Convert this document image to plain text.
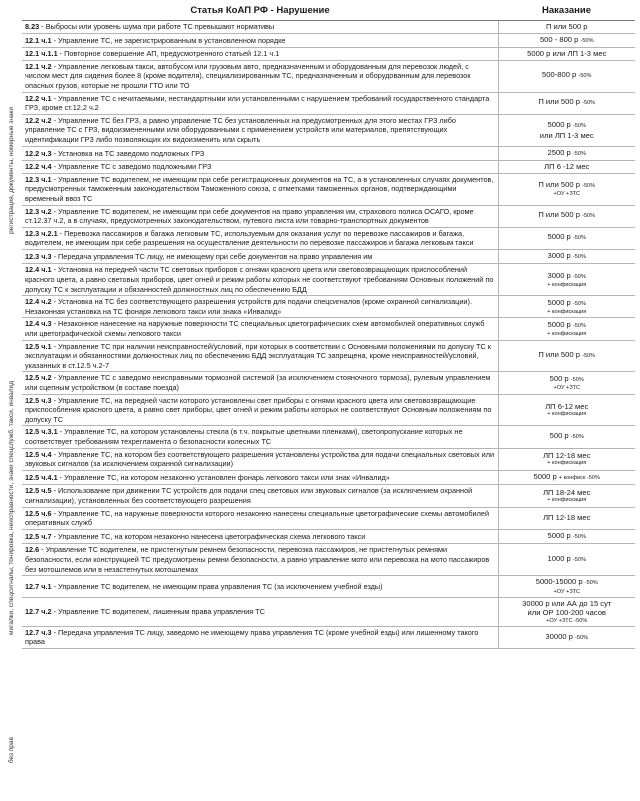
регистрация, документы, номерные знаки
мигалки, спецсигналы, тонировка, неисправности, знаки спецслужб, такси, инвалид
без прав
Статья КоАП РФ - Нарушение	Наказание
8.23 - Выбросы или уровень шума при работе ТС превышают нормативы	П или 500 р
12.1 ч.1 - Управление ТС, не зарегистрированным в установленном порядке	500 - 800 р -50%
12.1 ч.1.1 - Повторное совершение АП, предусмотренного статьей 12.1 ч.1	5000 р или ЛП 1-3 мес
12.1 ч.2 - Управление легковым такси, автобусом или грузовым авто, предназначенным и оборудованным для перевозок людей, с числом мест для сидения более 8 (кроме водителя), специализированным ТС, предназначенным и оборудованным для перевозок опасных грузов, которые не прошли ГТО или ТО	500-800 р -50%
12.2 ч.1 - Управление ТС с нечитаемыми, нестандартными или установленными с нарушением требований государственного стандарта ГРЗ, кроме ст.12.2 ч.2	П или 500 р -50%
12.2 ч.2 - Управление ТС без ГРЗ, а равно управление ТС без установленных на предусмотренных для этого местах ГРЗ либо управление ТС с ГРЗ, видоизмененными или оборудованными с применением устройств или материалов, препятствующих идентификации ГРЗ либо позволяющих их видоизменить или скрыть	5000 р -50%
или ЛП 1-3 мес

12.2 ч.3 - Установка на ТС заведомо подложных ГРЗ	2500 р -50%
12.2 ч.4 - Управление ТС с заведомо подложными ГРЗ	ЛП 6 -12 мес
12.3 ч.1 - Управление ТС водителем, не имеющим при себе регистрационных документов на ТС, а в установленных случаях документов, предусмотренных таможенным законодательством Таможенного союза, с отметками таможенных органов, подтверждающими временный ввоз ТС	П или 500 р -50%
+ОУ +ЗТС

12.3 ч.2 - Управление ТС водителем, не имеющим при себе документов на право управления им, страхового полиса ОСАГО, кроме ст.12.37 ч.2, а в случаях, предусмотренных законодательством, путевого листа или товарно-транспортных документов	П или 500 р -50%
12.3 ч.2.1 - Перевозка пассажиров и багажа легковым ТС, используемым для оказания услуг по перевозке пассажиров и багажа, водителем, не имеющим при себе разрешения на осуществление деятельности по перевозке пассажиров и багажа легковым такси	5000 р -50%
12.3 ч.3 - Передача управления ТС лицу, не имеющему при себе документов на право управления им	3000 р -50%
12.4 ч.1 - Установка на передней части ТС световых приборов с огнями красного цвета или световозвращающих приспособлений красного цвета, а равно световых приборов, цвет огней и режим работы которых не соответствуют требованиям Основных положений по допуску ТС к эксплуатации и обязанностей должностных лиц по обеспечению БДД	3000 р -50%
+ конфискация

12.4 ч.2 - Установка на ТС без соответствующего разрешения устройств для подачи спецсигналов (кроме охранной сигнализации). Незаконная установка на ТС фонаря легкового такси или знака «Инвалид»	5000 р -50%
+ конфискация

12.4 ч.3 - Незаконное нанесение на наружные поверхности ТС специальных цветографических схем автомобилей оперативных служб или цветографической схемы легкового такси	5000 р -50%
+ конфискация

12.5 ч.1 - Управление ТС при наличии неисправностей/условий, при которых в соответствии с Основными положениями по допуску ТС к эксплуатации и обязанностями должностных лиц по обеспечению БДД эксплуатация ТС запрещена, кроме неисправностей/условий, указанных в ст.12.5 ч.2-7	П или 500 р -50%
12.5 ч.2 - Управление ТС с заведомо неисправными тормозной системой (за исключением стояночного тормоза), рулевым управлением или сцепным устройством (в составе поезда)	500 р -50%
+ОУ +ЗТС

12.5 ч.3 - Управление ТС, на передней части которого установлены свет приборы с огнями красного цвета или световозвращающие приспособления красного цвета, а равно свет приборы, цвет огней и режим работы которых не соответствуют Основным положениям по допуску ТС	ЛП 6-12 мес
+ конфискация

12.5 ч.3.1 - Управление ТС, на котором установлены стекла (в т.ч. покрытые цветными пленками), светопропускание которых не соответствует требованиям техрегламента о безопасности колесных ТС	500 р -50%
12.5 ч.4 - Управление ТС, на котором без соответствующего разрешения установлены устройства для подачи специальных световых или звуковых сигналов (за исключением охранной сигнализации)	ЛП 12-18 мес
+ конфискация

12.5 ч.4.1 - Управление ТС, на котором незаконно установлен фонарь легкового такси или знак «Инвалид»	5000 р + конфиск -50%
12.5 ч.5 - Использование при движении ТС устройств для подачи спец световых или звуковых сигналов (за исключением охранной сигнализации), установленных без соответствующего разрешения	ЛП 18-24 мес
+ конфискация

12.5 ч.6 - Управление ТС, на наружные поверхности которого незаконно нанесены специальные цветографические схемы автомобилей оперативных служб	ЛП 12-18 мес
12.5 ч.7 - Управление ТС, на котором незаконно нанесена цветографическая схема легкового такси	5000 р -50%
12.6 - Управление ТС водителем, не пристегнутым ремнем безопасности, перевозка пассажиров, не пристегнутых ремнями безопасности, если конструкцией ТС предусмотрены ремни безопасности, а равно управление мото или перевозка на мото пассажиров без мотошлемов или в незастегнутых мотошлемах	1000 р -50%
12.7 ч.1 - Управление ТС водителем, не имеющим права управления ТС (за исключением учебной езды)	5000-15000 р -50%
+ОУ +ЗТС

12.7 ч.2 - Управление ТС водителем, лишенным права управления ТС	30000 р или АА до 15 сут
или ОР 100-200 часов
+ОУ +ЗТС -50%

12.7 ч.3 - Передача управления ТС лицу, заведомо не имеющему права управления ТС (кроме учебной езды) или лишенному такого права	30000 р -50%
